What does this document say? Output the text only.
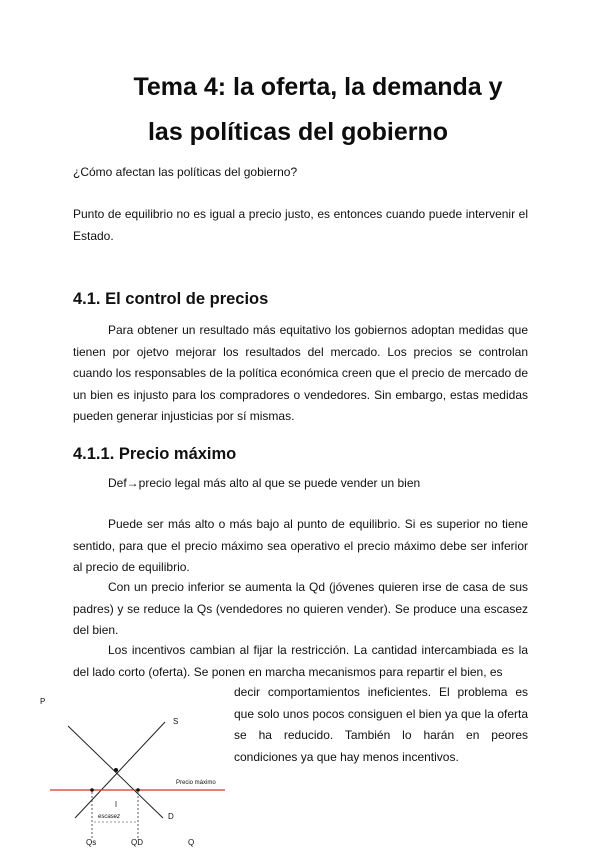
Tema 4: la oferta, la demanda y
las políticas del gobierno

¿Cómo afectan las políticas del gobierno?

Punto de equilibrio no es igual a precio justo, es entonces cuando puede intervenir el Estado.

4.1. El control de precios

Para obtener un resultado más equitativo los gobiernos adoptan medidas que tienen por ojetvo mejorar los resultados del mercado. Los precios se controlan cuando los responsables de la política económica creen que el precio de mercado de un bien es injusto para los compradores o vendedores. Sin embargo, estas medidas pueden generar injusticias por sí mismas.

4.1.1. Precio máximo

Def→precio legal más alto al que se puede vender un bien

Puede ser más alto o más bajo al punto de equilibrio. Si es superior no tiene sentido, para que el precio máximo sea operativo el precio máximo debe ser inferior al precio de equilibrio.

Con un precio inferior se aumenta la Qd (jóvenes quieren irse de casa de sus padres) y se reduce la Qs (vendedores no quieren vender). Se produce una escasez del bien.

Los incentivos cambian al fijar la restricción. La cantidad intercambiada es la del lado corto (oferta). Se ponen en marcha mecanismos para repartir el bien, es

decir comportamientos ineficientes. El problema es que solo unos pocos consiguen el bien ya que la oferta se ha reducido. También lo harán en peores condiciones ya que hay menos incentivos.

P
Q
S
D
Precio máximo
escasez
Qs	QD
